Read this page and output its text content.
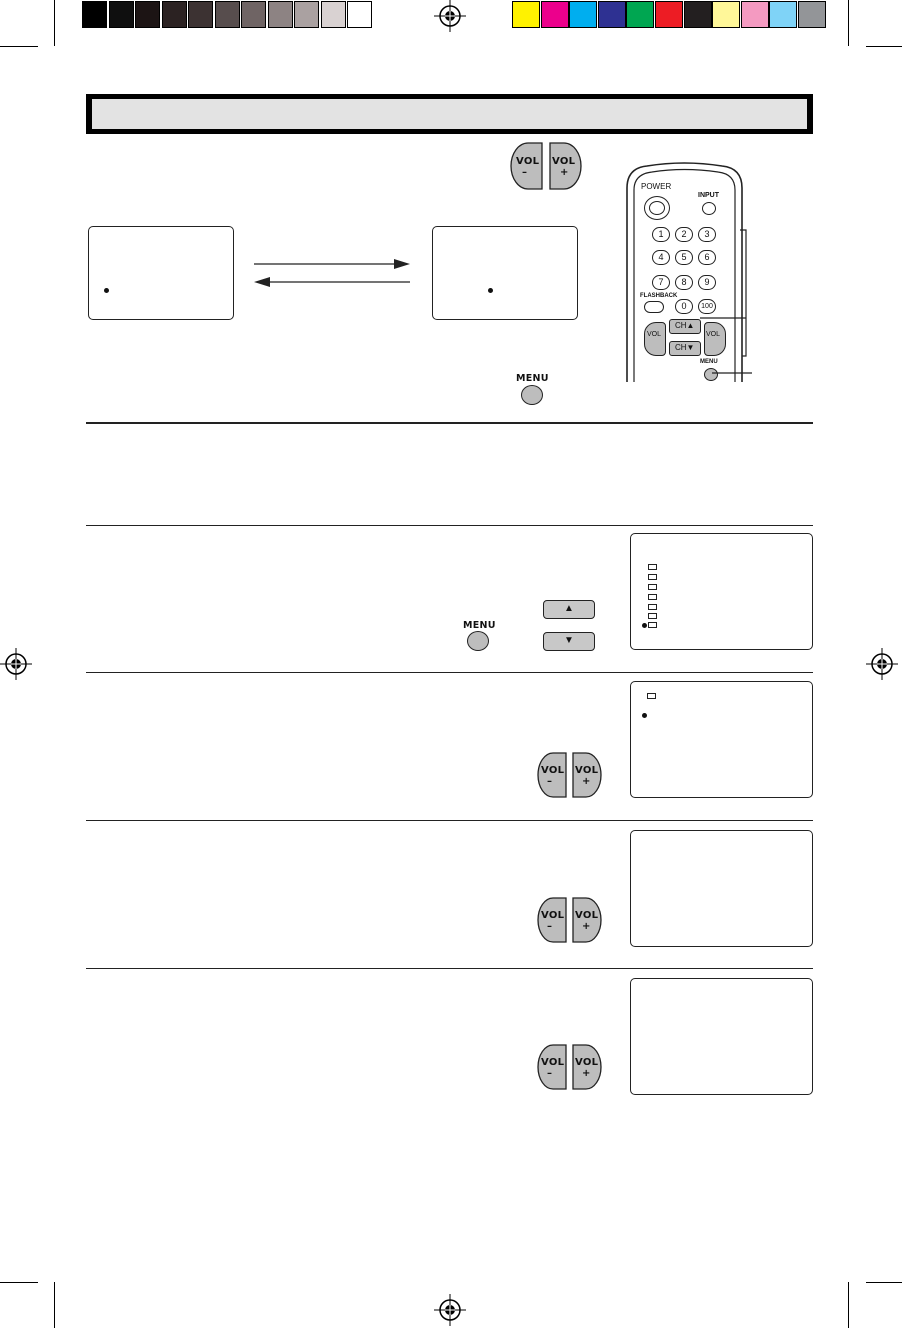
VOL
–
VOL
+
MENU
POWER
INPUT
1	2	3
4	5	6
7	8	9
0	100
FLASHBACK
VOL	VOL
CH▲
CH▼
MENU
MENU
▲
▼
VOL
–
VOL
+
VOL
–
VOL
+
VOL
–
VOL
+
